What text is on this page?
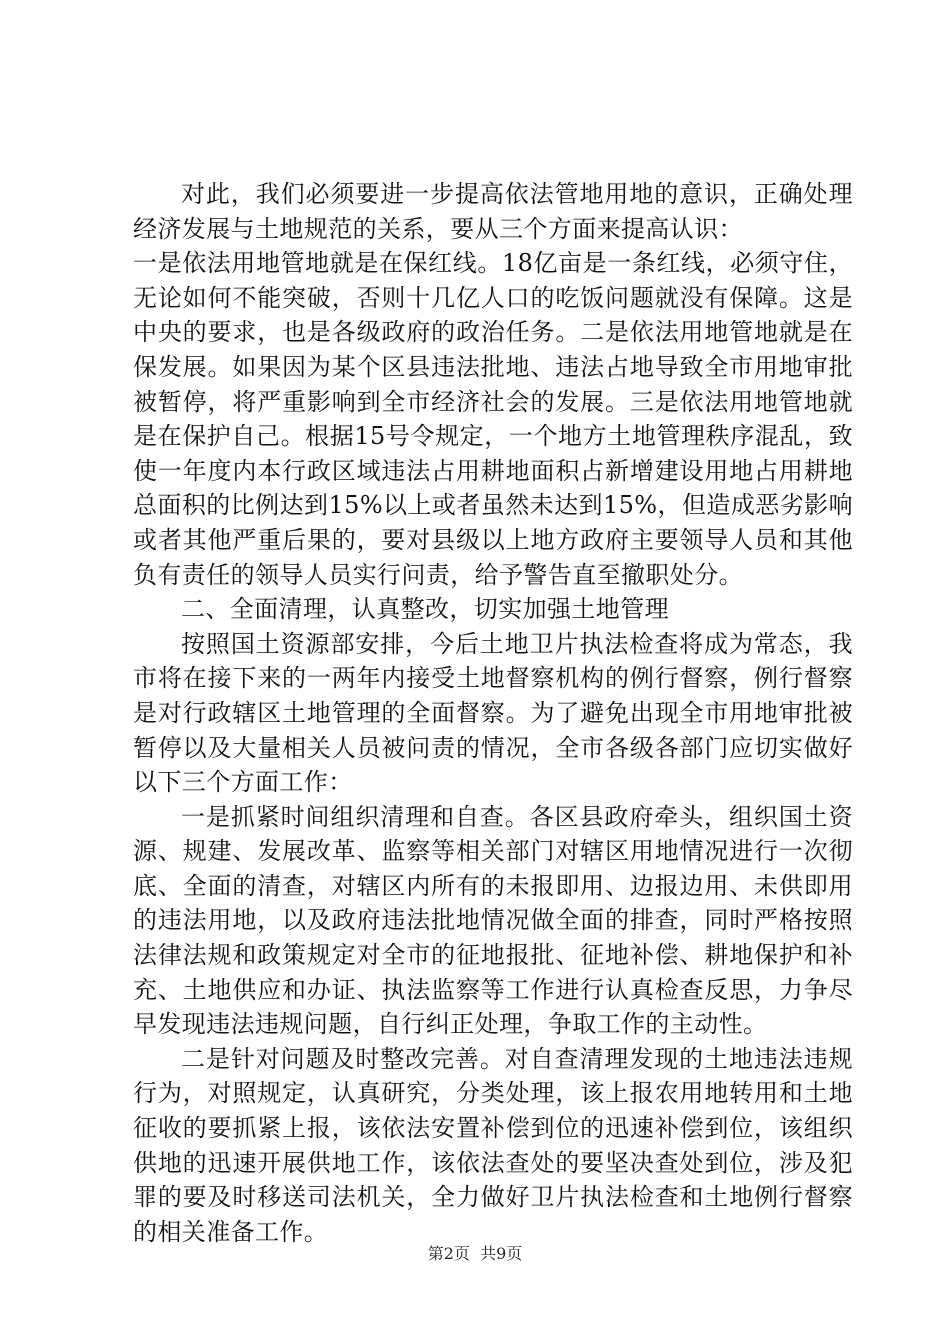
对此，我们必须要进一步提高依法管地用地的意识，正确处理经济发展与土地规范的关系，要从三个方面来提高认识：

一是依法用地管地就是在保红线。18亿亩是一条红线，必须守住，无论如何不能突破，否则十几亿人口的吃饭问题就没有保障。这是中央的要求，也是各级政府的政治任务。二是依法用地管地就是在保发展。如果因为某个区县违法批地、违法占地导致全市用地审批被暂停，将严重影响到全市经济社会的发展。三是依法用地管地就是在保护自己。根据15号令规定，一个地方土地管理秩序混乱，致使一年度内本行政区域违法占用耕地面积占新增建设用地占用耕地总面积的比例达到15%以上或者虽然未达到15%，但造成恶劣影响或者其他严重后果的，要对县级以上地方政府主要领导人员和其他负有责任的领导人员实行问责，给予警告直至撤职处分。

二、全面清理，认真整改，切实加强土地管理

按照国土资源部安排，今后土地卫片执法检查将成为常态，我市将在接下来的一两年内接受土地督察机构的例行督察，例行督察是对行政辖区土地管理的全面督察。为了避免出现全市用地审批被暂停以及大量相关人员被问责的情况，全市各级各部门应切实做好以下三个方面工作：

一是抓紧时间组织清理和自查。各区县政府牵头，组织国土资源、规建、发展改革、监察等相关部门对辖区用地情况进行一次彻底、全面的清查，对辖区内所有的未报即用、边报边用、未供即用的违法用地，以及政府违法批地情况做全面的排查，同时严格按照法律法规和政策规定对全市的征地报批、征地补偿、耕地保护和补充、土地供应和办证、执法监察等工作进行认真检查反思，力争尽早发现违法违规问题，自行纠正处理，争取工作的主动性。

二是针对问题及时整改完善。对自查清理发现的土地违法违规行为，对照规定，认真研究，分类处理，该上报农用地转用和土地征收的要抓紧上报，该依法安置补偿到位的迅速补偿到位，该组织供地的迅速开展供地工作，该依法查处的要坚决查处到位，涉及犯罪的要及时移送司法机关，全力做好卫片执法检查和土地例行督察的相关准备工作。

第2页  共9页
